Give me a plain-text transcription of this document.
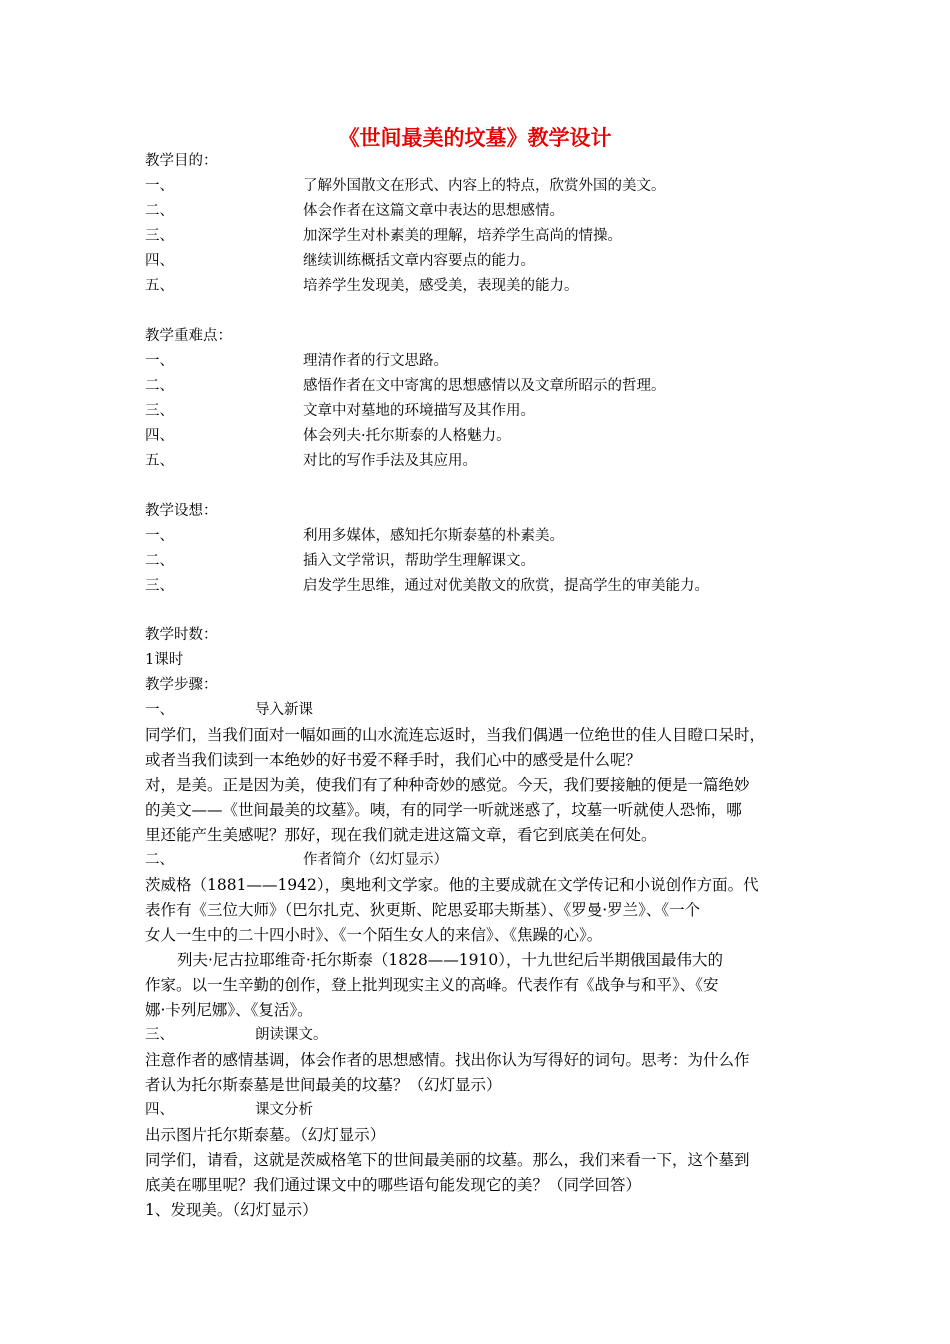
《世间最美的坟墓》教学设计
教学目的：
一、	了解外国散文在形式、内容上的特点，欣赏外国的美文。
二、	体会作者在这篇文章中表达的思想感情。
三、	加深学生对朴素美的理解，培养学生高尚的情操。
四、	继续训练概括文章内容要点的能力。
五、	培养学生发现美，感受美，表现美的能力。
教学重难点：
一、	理清作者的行文思路。
二、	感悟作者在文中寄寓的思想感情以及文章所昭示的哲理。
三、	文章中对墓地的环境描写及其作用。
四、	体会列夫·托尔斯泰的人格魅力。
五、	对比的写作手法及其应用。
教学设想：
一、	利用多媒体，感知托尔斯泰墓的朴素美。
二、	插入文学常识，帮助学生理解课文。
三、	启发学生思维，通过对优美散文的欣赏，提高学生的审美能力。
教学时数：
1课时
教学步骤：
一、	导入新课
同学们，当我们面对一幅如画的山水流连忘返时，当我们偶遇一位绝世的佳人目瞪口呆时，
或者当我们读到一本绝妙的好书爱不释手时，我们心中的感受是什么呢？
对，是美。正是因为美，使我们有了种种奇妙的感觉。今天，我们要接触的便是一篇绝妙
的美文——《世间最美的坟墓》。咦，有的同学一听就迷惑了，坟墓一听就使人恐怖，哪
里还能产生美感呢？那好，现在我们就走进这篇文章，看它到底美在何处。
二、	作者简介（幻灯显示）
茨威格（1881——1942），奥地利文学家。他的主要成就在文学传记和小说创作方面。代
表作有《三位大师》（巴尔扎克、狄更斯、陀思妥耶夫斯基）、《罗曼·罗兰》、《一个
女人一生中的二十四小时》、《一个陌生女人的来信》、《焦躁的心》。
列夫·尼古拉耶维奇·托尔斯泰（1828——1910），十九世纪后半期俄国最伟大的
作家。以一生辛勤的创作，登上批判现实主义的高峰。代表作有《战争与和平》、《安
娜·卡列尼娜》、《复活》。
三、	朗读课文。
注意作者的感情基调，体会作者的思想感情。找出你认为写得好的词句。思考：为什么作
者认为托尔斯泰墓是世间最美的坟墓？（幻灯显示）
四、	课文分析
出示图片托尔斯泰墓。（幻灯显示）
同学们，请看，这就是茨威格笔下的世间最美丽的坟墓。那么，我们来看一下，这个墓到
底美在哪里呢？我们通过课文中的哪些语句能发现它的美？（同学回答）
1、发现美。（幻灯显示）
